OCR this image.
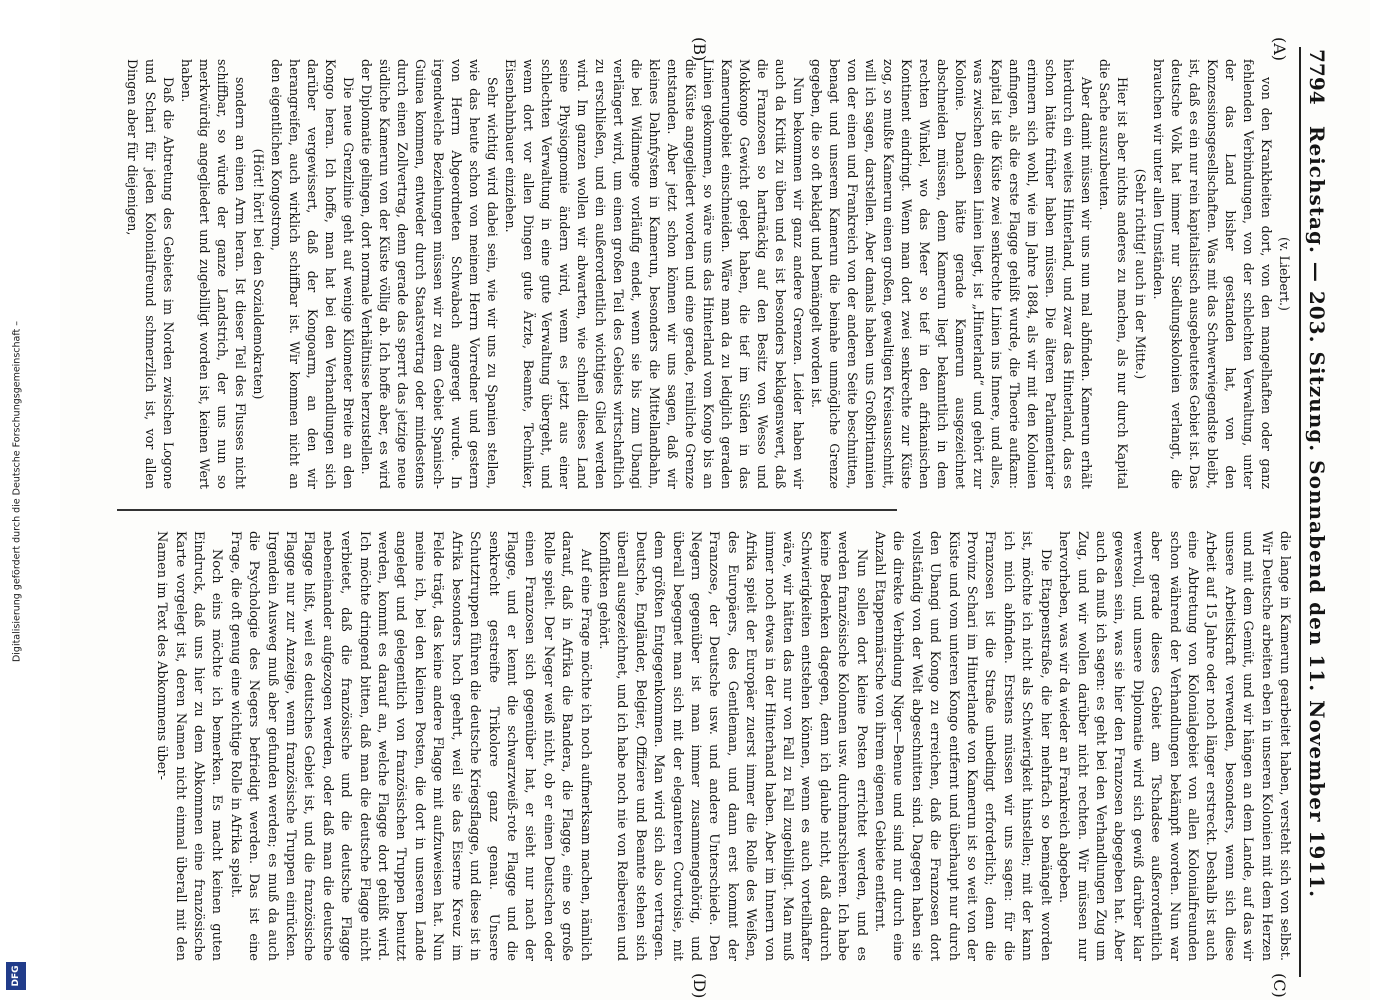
7794
Reichstag. — 203. Sitzung. Sonnabend den 11. November 1911.
(A)
(B)
(C)
(D)

(v. Liebert.)

von den Krankheiten dort, von den mangelhaften oder ganz fehlenden Verbindungen, von der schlechten Verwaltung, unter der das Land bisher gestanden hat, von den Konzessionsgesellschaften. Was mit das Schwerwiegendste bleibt, ist, daß es ein nur rein kapitalistisch ausgebeutetes Gebiet ist. Das deutsche Volk hat immer nur Siedlungskolonien verlangt, die brauchen wir unter allen Umständen.

(Sehr richtig! auch in der Mitte.)

Hier ist aber nichts anderes zu machen, als nur durch Kapital die Sache auszubeuten.

Aber damit müssen wir uns nun mal abfinden. Kamerun erhält hierdurch ein weites Hinterland, und zwar das Hinterland, das es schon hätte früher haben müssen. Die älteren Parlamentarier erinnern sich wohl, wie im Jahre 1884, als wir mit den Kolonien anfingen, als die erste Flagge gehißt wurde, die Theorie aufkam: Kapital ist die Küste zwei senkrechte Linien ins Innere, und alles, was zwischen diesen Linien liegt, ist „Hinterland“ und gehört zur Kolonie. Danach hätte gerade Kamerun ausgezeichnet abschneiden müssen, denn Kamerun liegt bekanntlich in dem rechten Winkel, wo das Meer so tief in den afrikanischen Kontinent eindringt. Wenn man dort zwei senkrechte zur Küste zog, so mußte Kamerun einen großen, gewaltigen Kreisausschnitt, will ich sagen, darstellen. Aber damals haben uns Großbritannien von der einen und Frankreich von der anderen Seite beschnitten, benagt und unserem Kamerun die beinahe unmögliche Grenze gegeben, die so oft beklagt und bemängelt worden ist.

Nun bekommen wir ganz andere Grenzen. Leider haben wir auch da Kritik zu üben und es ist besonders beklagenswert, daß die Franzosen so hartnäckig auf den Besitz von Wesso und Mokkongo Gewicht gelegt haben, die tief im Süden in das Kamerungebiet einschneiden. Wäre man da zu lediglich geraden Linien gekommen, so wäre uns das Hinterland vom Kongo bis an die Küste angegliedert worden und eine gerade, reinliche Grenze entstanden. Aber jetzt schon können wir uns sagen, daß wir kleines Dahnfystem in Kamerun, besonders die Mittellandbahn, die bei Widimenge vorläufig endet, wenn sie bis zum Ubangi verlängert wird, um einen großen Teil des Gebiets wirtschaftlich zu erschließen, und ein außerordentlich wichtiges Glied werden wird. Im ganzen wollen wir abwarten, wie schnell dieses Land seine Physiognomie ändern wird, wenn es jetzt aus einer schlechten Verwaltung in eine gute Verwaltung übergeht, und wenn dort vor allen Dingen gute Ärzte, Beamte, Techniker, Eisenbahnbauer einziehen.

Sehr wichtig wird dabei sein, wie wir uns zu Spanien stellen, wie das heute schon von meinem Herrn Vorredner und gestern von Herrn Abgeordneten Schwabach angeregt wurde. In irgendwelche Beziehungen müssen wir zu dem Gebiet Spanisch-Guinea kommen, entweder durch Staatsvertrag oder mindestens durch einen Zollvertrag, denn gerade das sperrt das jetzige neue südliche Kamerun von der Küste völlig ab. Ich hoffe aber, es wird der Diplomatie gelingen, dort normale Verhältnisse herzustellen.

Die neue Grenzlinie geht auf wenige Kilometer Breite an den Kongo heran. Ich hoffe, man hat bei den Verhandlungen sich darüber vergewissert, daß der Kongoarm, an den wir herangreifen, auch wirklich schiffbar ist. Wir kommen nicht an den eigentlichen Kongostrom,

(Hört! hört! bei den Sozialdemokraten)

sondern an einen Arm heran. Ist dieser Teil des Flusses nicht schiffbar, so würde der ganze Landstrich, der uns nun so merkwürdig angegliedert und zugebilligt worden ist, keinen Wert haben.

Daß die Abtretung des Gebietes im Norden zwischen Logone und Schari für jeden Kolonialfreund schmerzlich ist, vor allen Dingen aber für diejenigen,

die lange in Kamerun gearbeitet haben, versteht sich von selbst. Wir Deutsche arbeiten eben in unseren Kolonien mit dem Herzen und mit dem Gemüt, und wir hängen an dem Lande, auf das wir unsere Arbeitskraft verwenden, besonders, wenn sich diese Arbeit auf 15 Jahre oder noch länger erstreckt. Deshalb ist auch eine Abtretung von Kolonialgebiet von allen Kolonialfreunden schon während der Verhandlungen bekämpft worden. Nun war aber gerade dieses Gebiet am Tschadsee außerordentlich wertvoll, und unsere Diplomatie wird sich gewiß darüber klar gewesen sein, was sie hier den Franzosen abgegeben hat. Aber auch da muß ich sagen: es geht bei den Verhandlungen Zug um Zug, und wir wollen darüber nicht rechten. Wir müssen nur hervorheben, was wir da wieder an Frankreich abgeben.

Die Etappenstraße, die hier mehrfach so bemängelt worden ist, möchte ich nicht als Schwierigkeit hinstellen; mit der kann ich mich abfinden. Erstens müssen wir uns sagen: für die Franzosen ist die Straße unbedingt erforderlich; denn die Provinz Schari im Hinterlande von Kamerun ist so weit von der Küste und vom unteren Kongo entfernt und überhaupt nur durch den Ubangi und Kongo zu erreichen, daß die Franzosen dort vollständig von der Welt abgeschnitten sind. Dagegen haben sie die direkte Verbindung Niger—Benue und sind nur durch eine Anzahl Etappenmärsche von ihrem eigenen Gebiete entfernt.

Nun sollen dort kleine Posten errichtet werden, und es werden französische Kolonnen usw. durchmarschieren. Ich habe keine Bedenken dagegen, denn ich glaube nicht, daß dadurch Schwierigkeiten entstehen können, wenn es auch vorteilhafter wäre, wir hätten das nur von Fall zu Fall zugebilligt. Man muß immer noch etwas in der Hinterhand haben. Aber im Innern von Afrika spielt der Europäer zuerst immer die Rolle des Weißen, des Europäers, des Gentleman, und dann erst kommt der Franzose, der Deutsche usw. und andere Unterschiede. Den Negern gegenüber ist man immer zusammengehörig, und überall begegnet man sich mit der eleganteren Courtoisie, mit dem größten Entgegenkommen. Man wird sich also vertragen. Deutsche, Engländer, Belgier, Offiziere und Beamte stehen sich überall ausgezeichnet, und ich habe noch nie von Reibereien und Konflikten gehört.

Auf eine Frage möchte ich noch aufmerksam machen, nämlich darauf, daß in Afrika die Bandera, die Flagge, eine so große Rolle spielt. Der Neger weiß nicht, ob er einen Deutschen oder einen Franzosen sich gegenüber hat, er sieht nur nach der Flagge, und er kennt die schwarzweiß-rote Flagge und die senkrecht gestreifte Trikolore ganz genau. Unsere Schutztruppen führen die deutsche Kriegsflagge, und diese ist in Afrika besonders hoch geehrt, weil sie das Eiserne Kreuz im Felde trägt, das keine andere Flagge mit aufzuweisen hat. Nun meine ich, bei den kleinen Posten, die dort in unserem Lande angelegt und gelegentlich von französischen Truppen benutzt werden, kommt es darauf an, welche Flagge dort gehißt wird. Ich möchte dringend bitten, daß man die deutsche Flagge nicht verbietet, daß die französische und die deutsche Flagge nebeneinander aufgezogen werden, oder daß man die deutsche Flagge hißt, weil es deutsches Gebiet ist, und die französische Flagge nur zur Anzeige, wenn französische Truppen einrücken. Irgendein Ausweg muß aber gefunden werden; es muß da auch die Psychologie des Negers befriedigt werden. Das ist eine Frage, die oft genug eine wichtige Rolle in Afrika spielt.

Noch eins möchte ich bemerken. Es macht keinen guten Eindruck, daß uns hier zu dem Abkommen eine französische Karte vorgelegt ist, deren Namen nicht einmal überall mit den Namen im Text des Abkommens über-

Digitalisierung gefördert durch die Deutsche Forschungsgemeinschaft –
DFG
